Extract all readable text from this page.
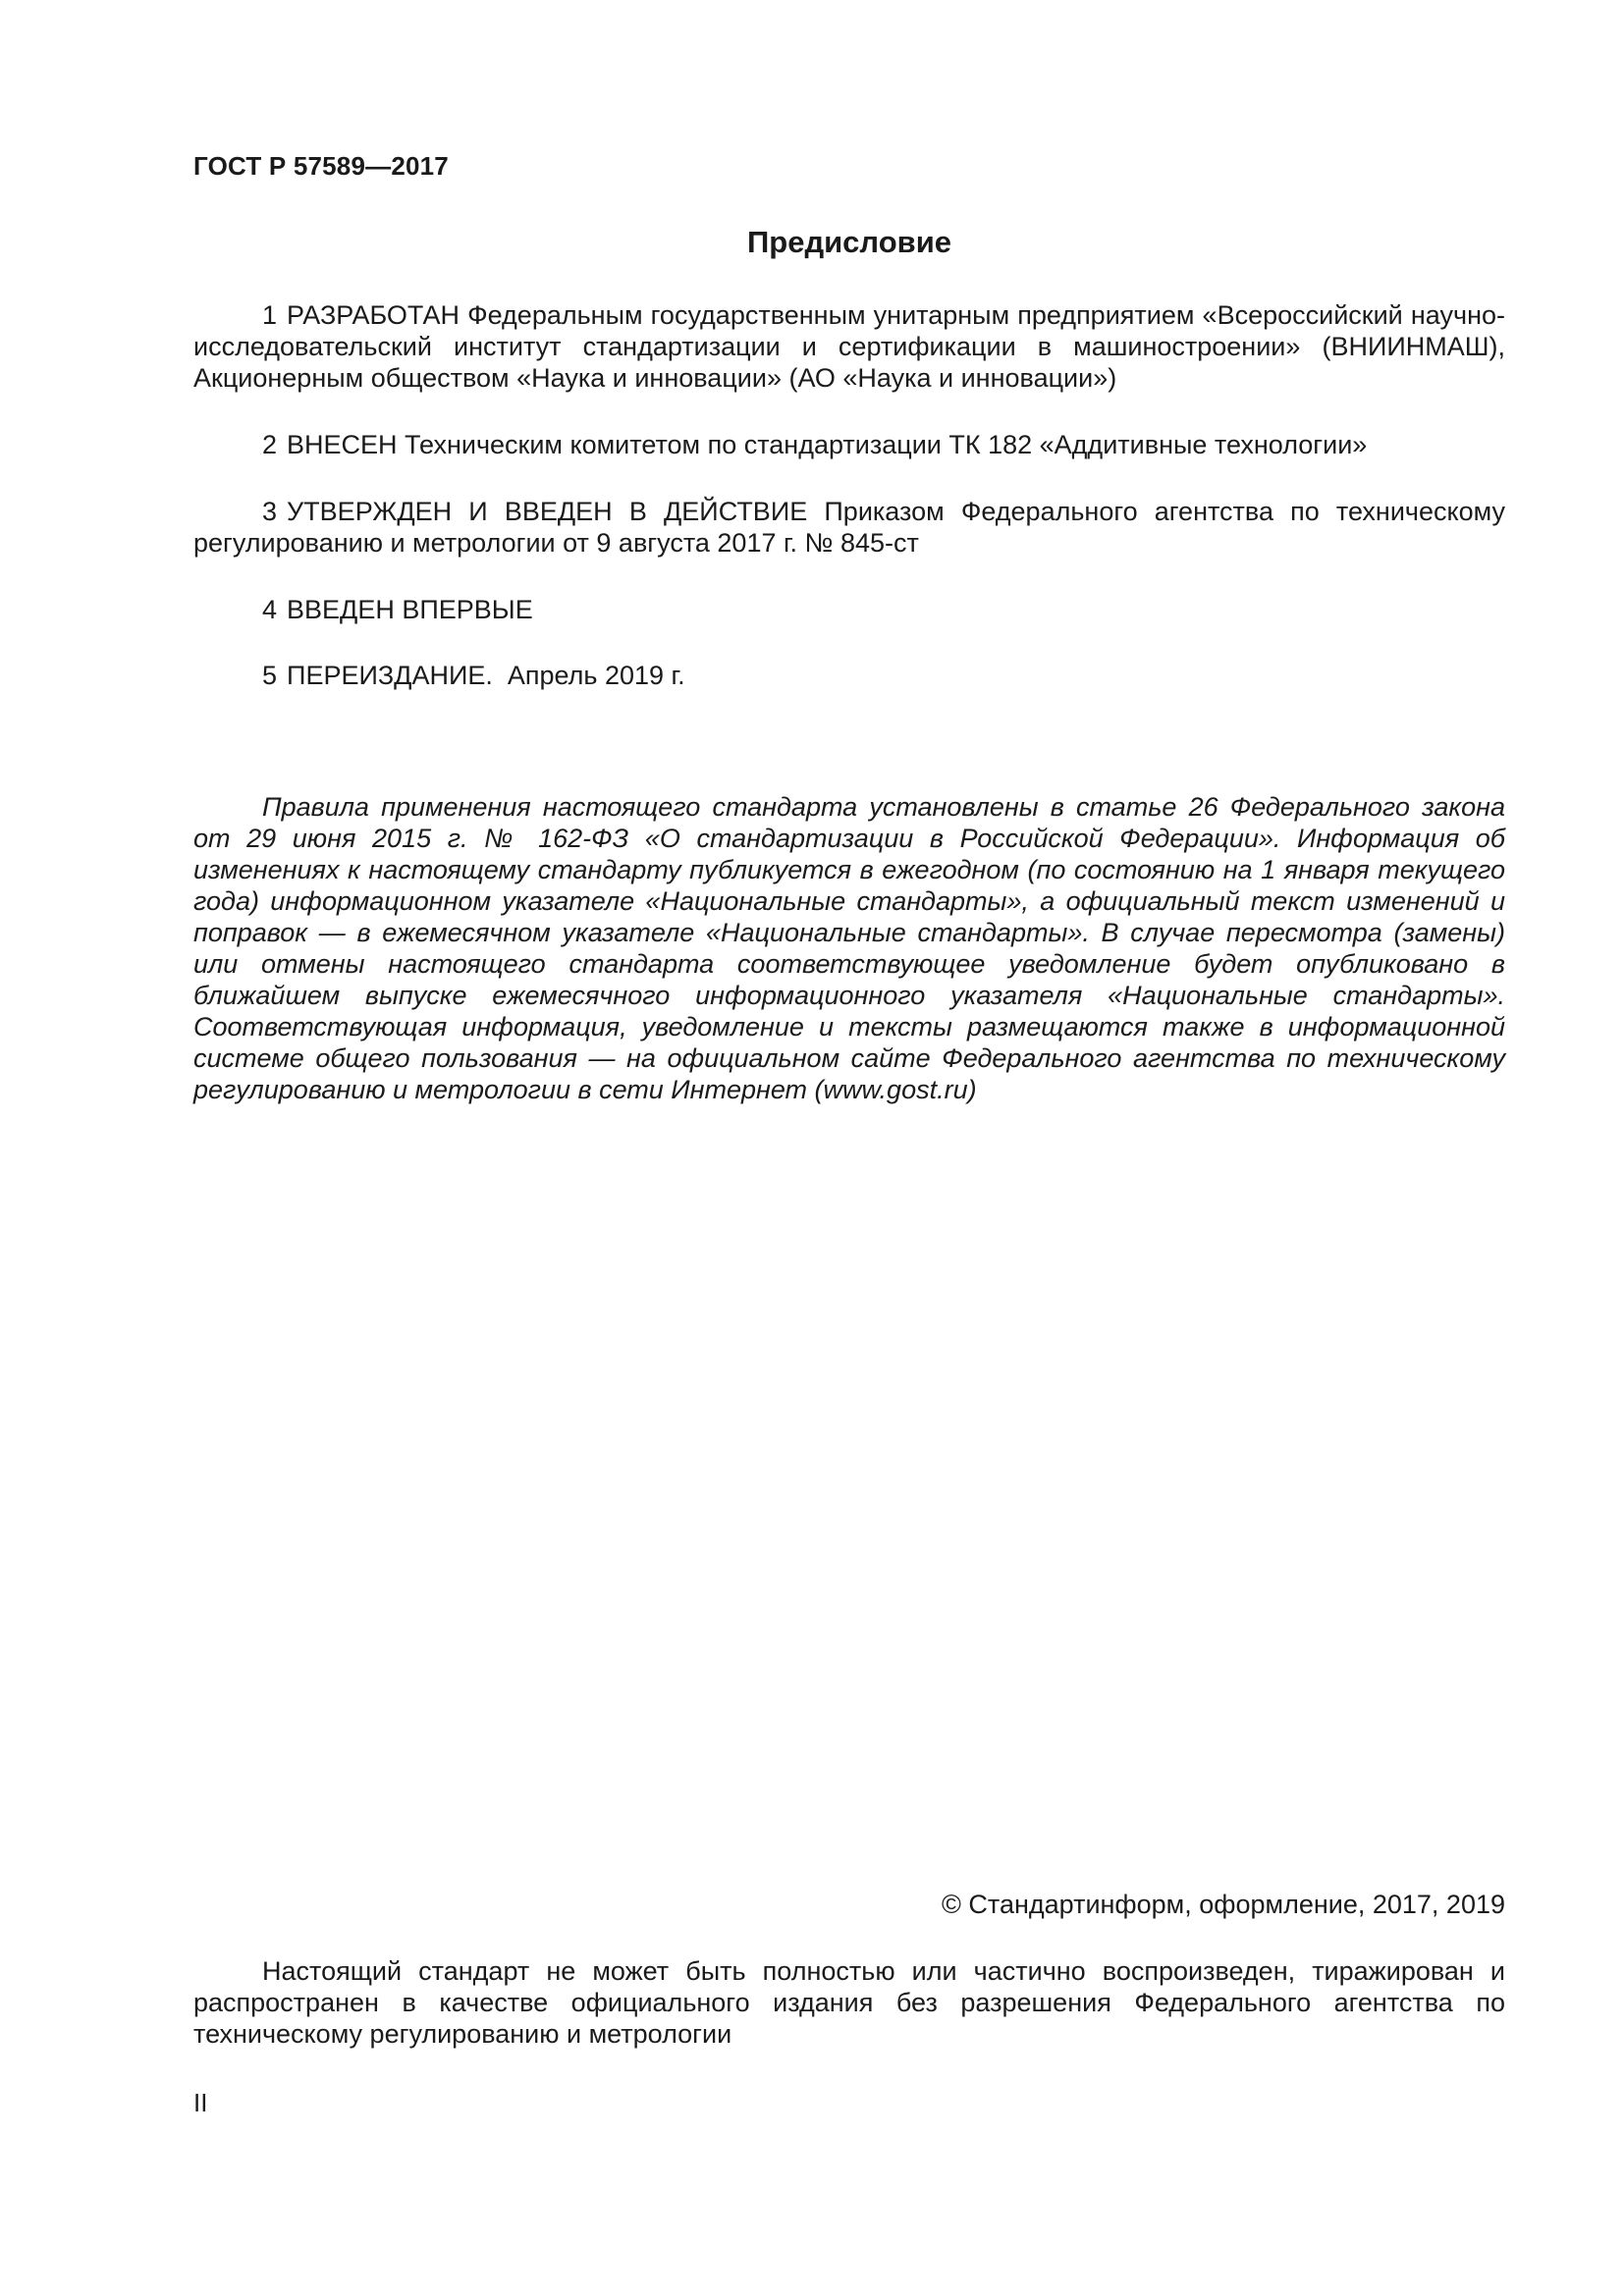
ГОСТ Р 57589—2017
Предисловие

1 РАЗРАБОТАН Федеральным государственным унитарным предприятием «Всероссийский научно-исследовательский институт стандартизации и сертификации в машиностроении» (ВНИИНМАШ), Акционерным обществом «Наука и инновации» (АО «Наука и инновации»)

2 ВНЕСЕН Техническим комитетом по стандартизации ТК 182 «Аддитивные технологии»

3 УТВЕРЖДЕН И ВВЕДЕН В ДЕЙСТВИЕ Приказом Федерального агентства по техническому регулированию и метрологии от 9 августа 2017 г. № 845-ст

4 ВВЕДЕН ВПЕРВЫЕ

5 ПЕРЕИЗДАНИЕ.  Апрель 2019 г.

Правила применения настоящего стандарта установлены в статье 26 Федерального закона от 29 июня 2015 г. № 162-ФЗ «О стандартизации в Российской Федерации». Информация об изменениях к настоящему стандарту публикуется в ежегодном (по состоянию на 1 января текущего года) информационном указателе «Национальные стандарты», а официальный текст изменений и поправок — в ежемесячном указателе «Национальные стандарты». В случае пересмотра (замены) или отмены настоящего стандарта соответствующее уведомление будет опубликовано в ближайшем выпуске ежемесячного информационного указателя «Национальные стандарты». Соответствующая информация, уведомление и тексты размещаются также в информационной системе общего пользования — на официальном сайте Федерального агентства по техническому регулированию и метрологии в сети Интернет (www.gost.ru)

© Стандартинформ, оформление, 2017, 2019

Настоящий стандарт не может быть полностью или частично воспроизведен, тиражирован и распространен в качестве официального издания без разрешения Федерального агентства по техническому регулированию и метрологии

II
